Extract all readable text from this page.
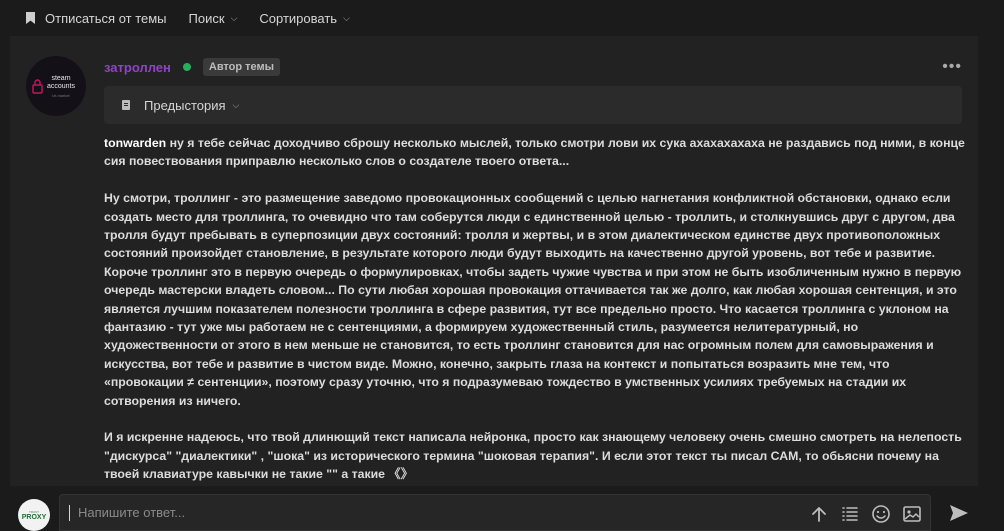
Отписаться от темы Поиск ⌵ Сортировать ⌵
steam
accounts
lzt.market
затроллен	Автор темы	•••
Предыстория ⌵

tonwarden ну я тебе сейчас доходчиво сброшу несколько мыслей, только смотри лови их сука ахахахахаха не раздавись под ними, в конце сия повествования приправлю несколько слов о создателе твоего ответа...

Ну смотри, троллинг - это размещение заведомо провокационных сообщений с целью нагнетания конфликтной обстановки, однако если создать место для троллинга, то очевидно что там соберутся люди с единственной целью - троллить, и столкнувшись друг с другом, два тролля будут пребывать в суперпозиции двух состояний: тролля и жертвы, и в этом диалектическом единстве двух противоположных состояний произойдет становление, в результате которого люди будут выходить на качественно другой уровень, вот тебе и развитие. Короче троллинг это в первую очередь о формулировках, чтобы задеть чужие чувства и при этом не быть изобличенным нужно в первую очередь мастерски владеть словом... По сути любая хорошая провокация оттачивается так же долго, как любая хорошая сентенция, и это является лучшим показателем полезности троллинга в сфере развития, тут все предельно просто. Что касается троллинга с уклоном на фантазию - тут уже мы работаем не с сентенциями, а формируем художественный стиль, разумеется нелитературный, но художественности от этого в нем меньше не становится, то есть троллинг становится для нас огромным полем для самовыражения и искусства, вот тебе и развитие в чистом виде. Можно, конечно, закрыть глаза на контекст и попытаться возразить мне тем, что «провокации ≠ сентенции», поэтому сразу уточню, что я подразумеваю тождество в умственных усилиях требуемых на стадии их сотворения из ничего.

И я искренне надеюсь, что твой длинющий текст написала нейронка, просто как знающему человеку очень смешно смотреть на нелепость "дискурса" "диалектики" , "шока" из исторического термина "шоковая терапия". И если этот текст ты писал САМ, то обьясни почему на твоей клавиатуре кавычки не такие "" а такие 《》

TRUST
PROXY
Напишите ответ...
